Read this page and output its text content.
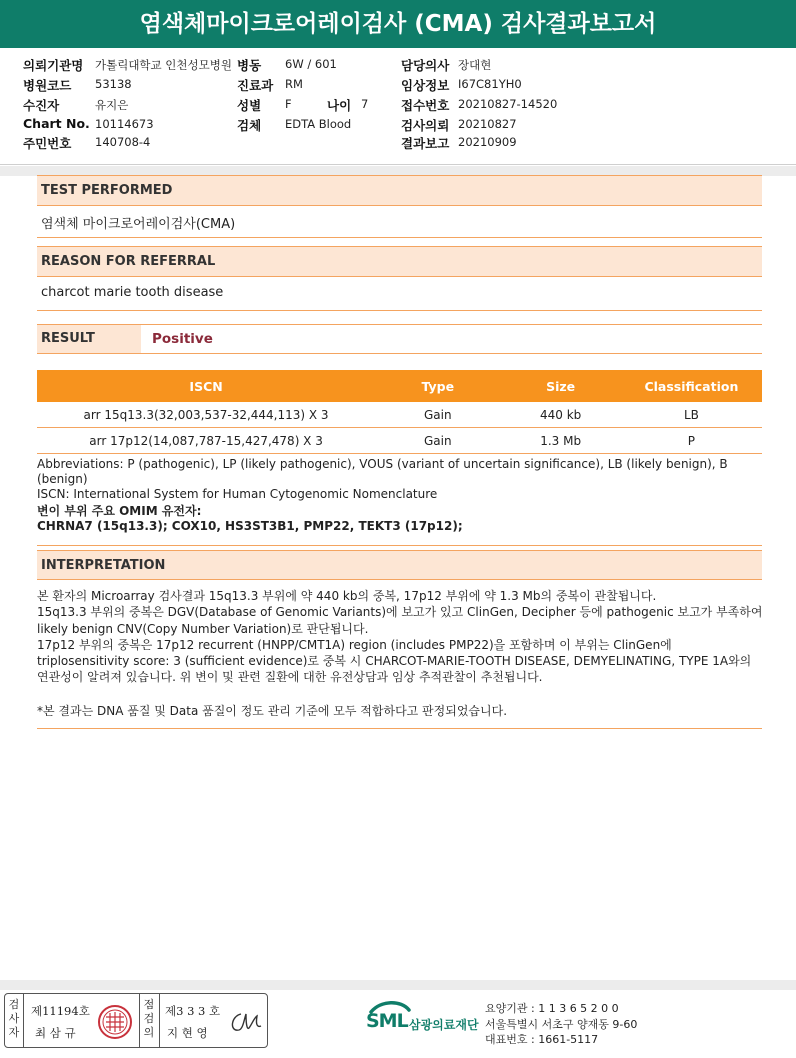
염색체마이크로어레이검사 (CMA) 검사결과보고서
의뢰기관명 가톨릭대학교 인천성모병원
병원코드 53138
수진자	유지은
Chart No. 10114673
주민번호 140708-4
병동 6W / 601
진료과 RM
성별 F	나이 7
검체 EDTA Blood
담당의사 장대현
임상정보 I67C81YH0
접수번호 20210827-14520
검사의뢰 20210827
결과보고 20210909
TEST PERFORMED
염색체 마이크로어레이검사(CMA)
REASON FOR REFERRAL
charcot marie tooth disease
RESULT	Positive
ISCN	Type	Size	Classification
arr 15q13.3(32,003,537-32,444,113) X 3	Gain	440 kb	LB
arr 17p12(14,087,787-15,427,478) X 3	Gain	1.3 Mb	P
Abbreviations: P (pathogenic), LP (likely pathogenic), VOUS (variant of uncertain significance), LB (likely benign), B (benign)
ISCN: International System for Human Cytogenomic Nomenclature
변이 부위 주요 OMIM 유전자:
CHRNA7 (15q13.3); COX10, HS3ST3B1, PMP22, TEKT3 (17p12);
INTERPRETATION

본 환자의 Microarray 검사결과 15q13.3 부위에 약 440 kb의 중복, 17p12 부위에 약 1.3 Mb의 중복이 관찰됩니다.

15q13.3 부위의 중복은 DGV(Database of Genomic Variants)에 보고가 있고 ClinGen, Decipher 등에 pathogenic 보고가 부족하여 likely benign CNV(Copy Number Variation)로 판단됩니다.

17p12 부위의 중복은 17p12 recurrent (HNPP/CMT1A) region (includes PMP22)을 포함하며 이 부위는 ClinGen에 triplosensitivity score: 3 (sufficient evidence)로 중복 시 CHARCOT-MARIE-TOOTH DISEASE, DEMYELINATING, TYPE 1A와의 연관성이 알려져 있습니다. 위 변이 및 관련 질환에 대한 유전상담과 임상 추적관찰이 추천됩니다.

*본 결과는 DNA 품질 및 Data 품질이 정도 관리 기준에 모두 적합하다고 판정되었습니다.
검
사
자
제11194호
최 삼 규
점
검
의
제3 3 3 호
지 현 영
SML 삼광의료재단
요양기관 : 1 1 3 6 5 2 0 0
서울특별시 서초구 양재동 9-60
대표번호 : 1661-5117
